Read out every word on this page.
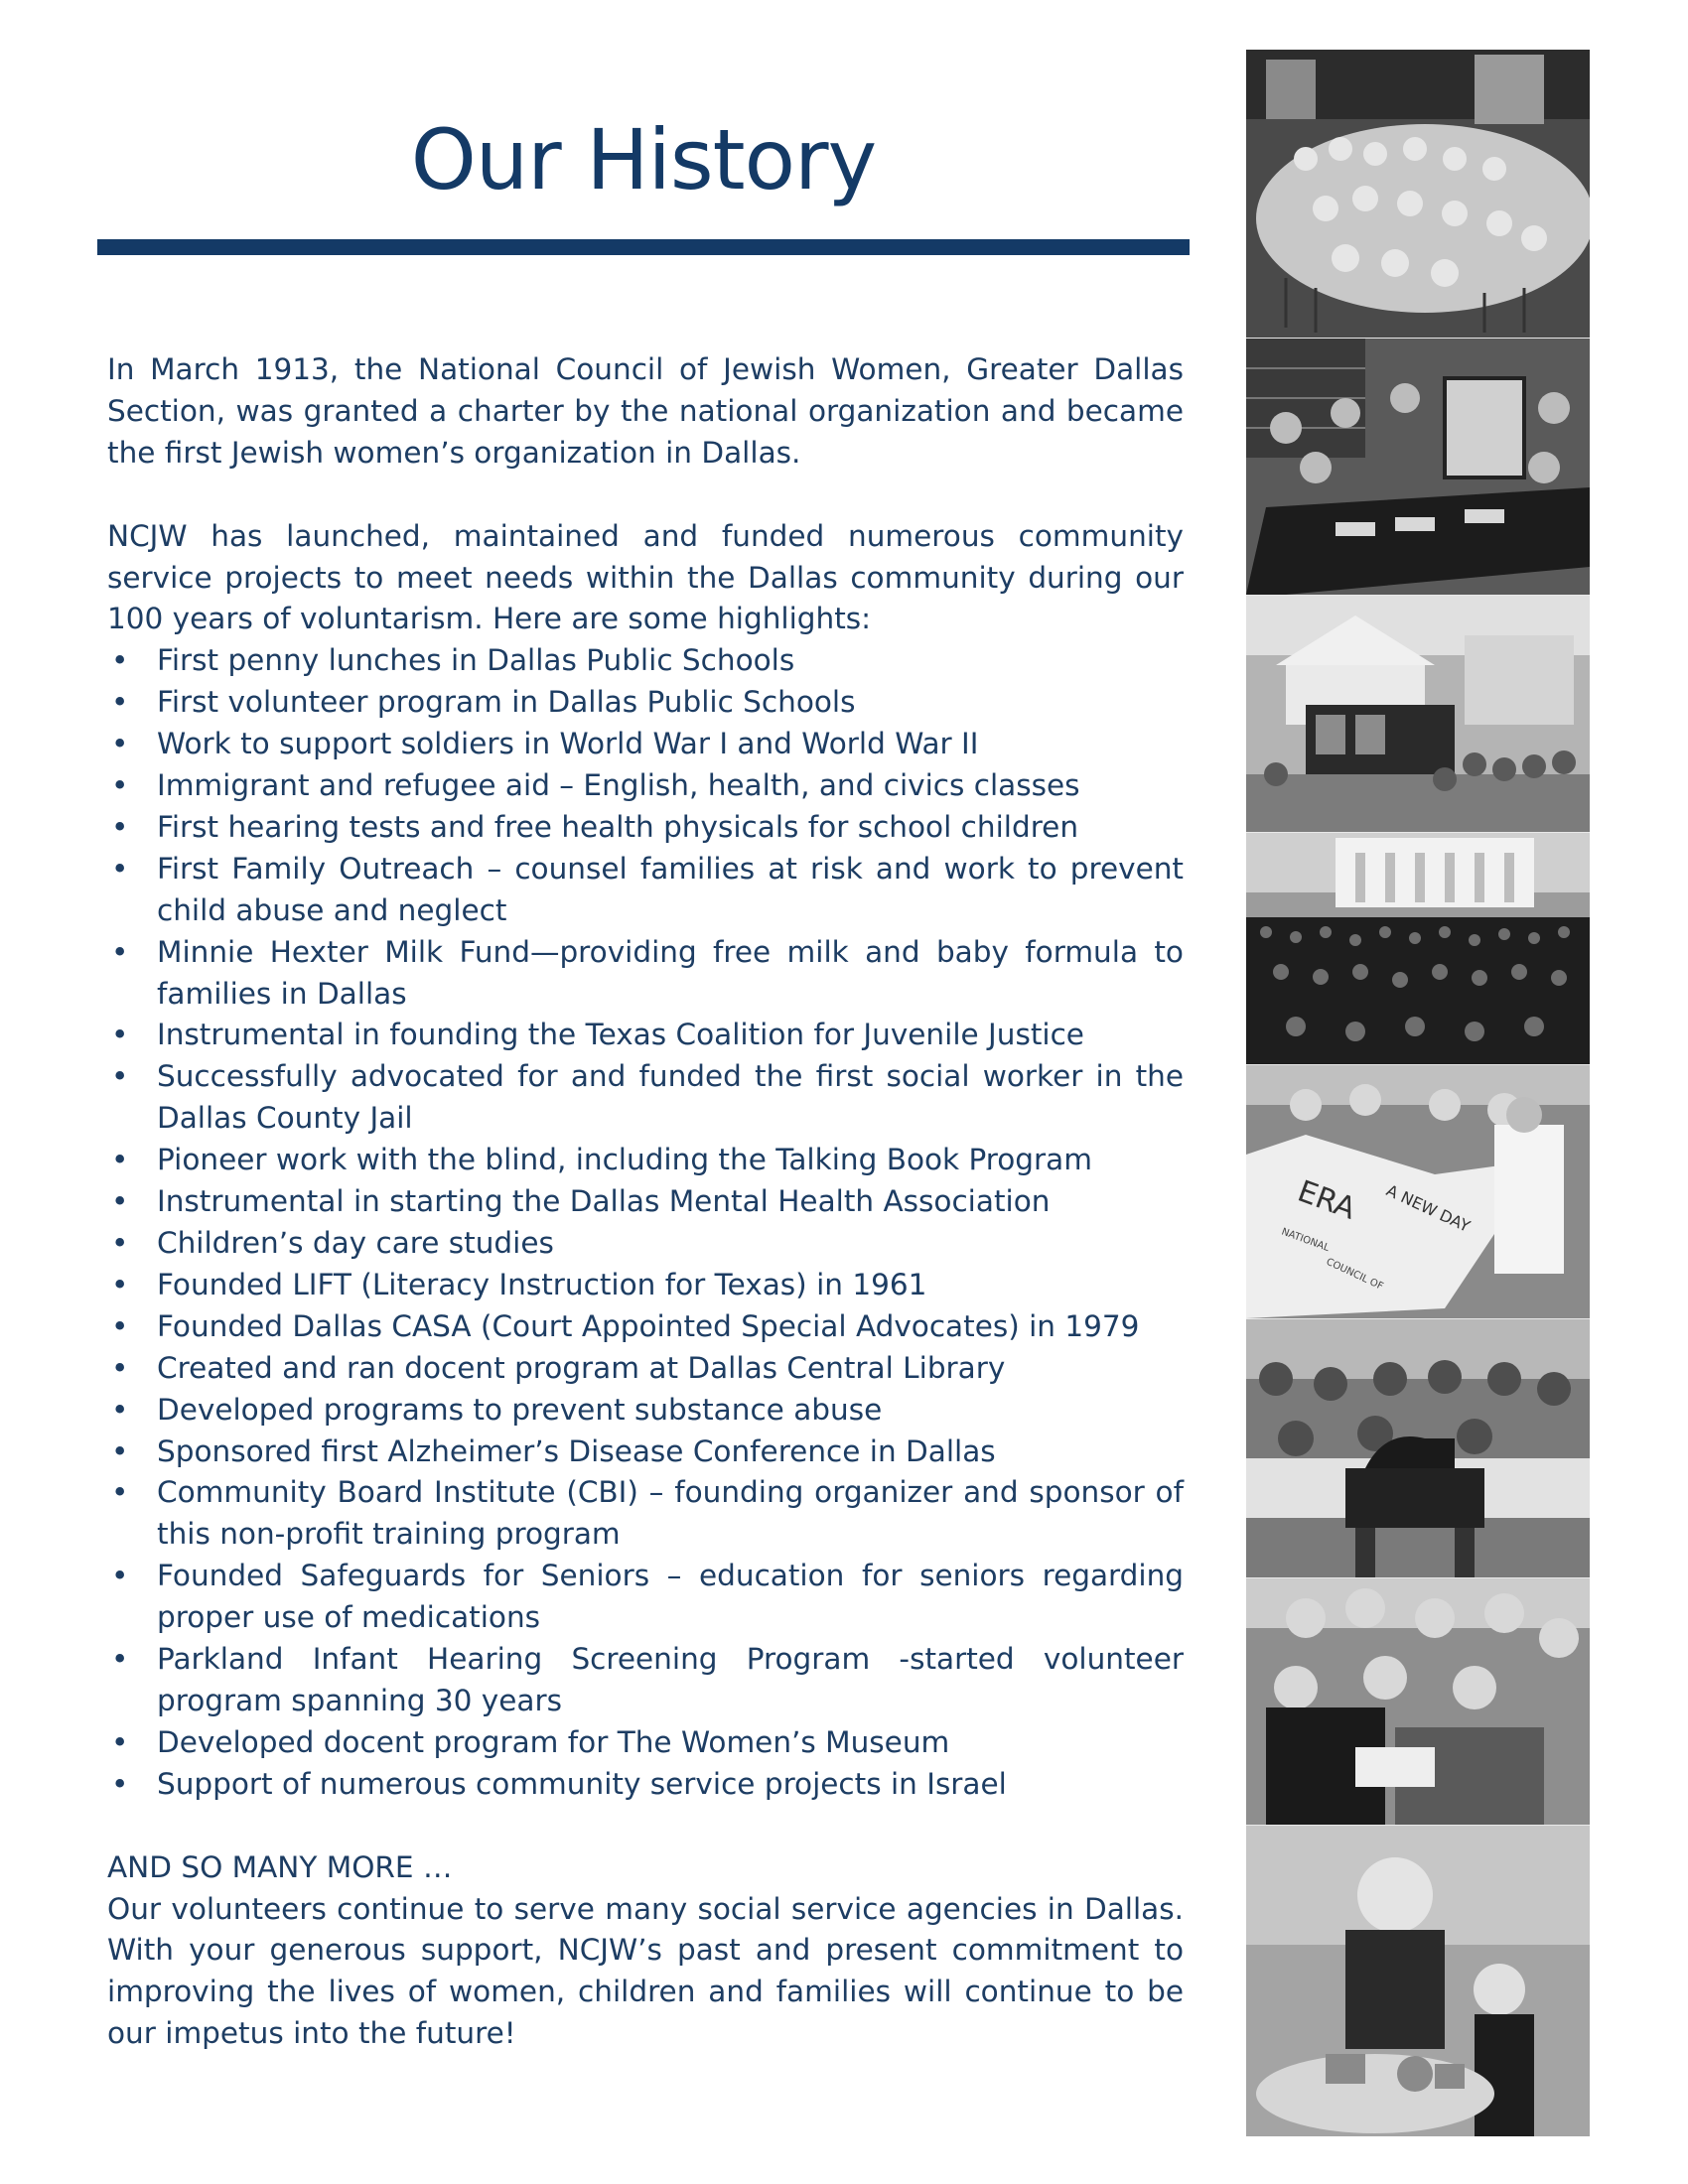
Our History

In March 1913, the National Council of Jewish Women, Greater Dallas Section, was granted a charter by the national organization and became the first Jewish women’s organization in Dallas.

NCJW has launched, maintained and funded numerous community service projects to meet needs within the Dallas community during our 100 years of voluntarism. Here are some highlights:

• First penny lunches in Dallas Public Schools
• First volunteer program in Dallas Public Schools
• Work to support soldiers in World War I and World War II
• Immigrant and refugee aid – English, health, and civics classes
• First hearing tests and free health physicals for school children
• First Family Outreach – counsel families at risk and work to prevent child abuse and neglect
• Minnie Hexter Milk Fund—providing free milk and baby formula to families in Dallas
• Instrumental in founding the Texas Coalition for Juvenile Justice
• Successfully advocated for and funded the first social worker in the Dallas County Jail
• Pioneer work with the blind, including the Talking Book Program
• Instrumental in starting the Dallas Mental Health Association
• Children’s day care studies
• Founded LIFT (Literacy Instruction for Texas) in 1961
• Founded Dallas CASA (Court Appointed Special Advocates) in 1979
• Created and ran docent program at Dallas Central Library
• Developed programs to prevent substance abuse
• Sponsored first Alzheimer’s Disease Conference in Dallas
• Community Board Institute (CBI) – founding organizer and sponsor of this non-profit training program
• Founded Safeguards for Seniors – education for seniors regarding proper use of medications
• Parkland Infant Hearing Screening Program -started volunteer program spanning 30 years
• Developed docent program for The Women’s Museum
• Support of numerous community service projects in Israel

AND SO MANY MORE …

Our volunteers continue to serve many social service agencies in Dallas. With your generous support, NCJW’s past and present commitment to improving the lives of women, children and families will continue to be our impetus into the future!

ERA A NEW DAY
NATIONAL
COUNCIL OF
